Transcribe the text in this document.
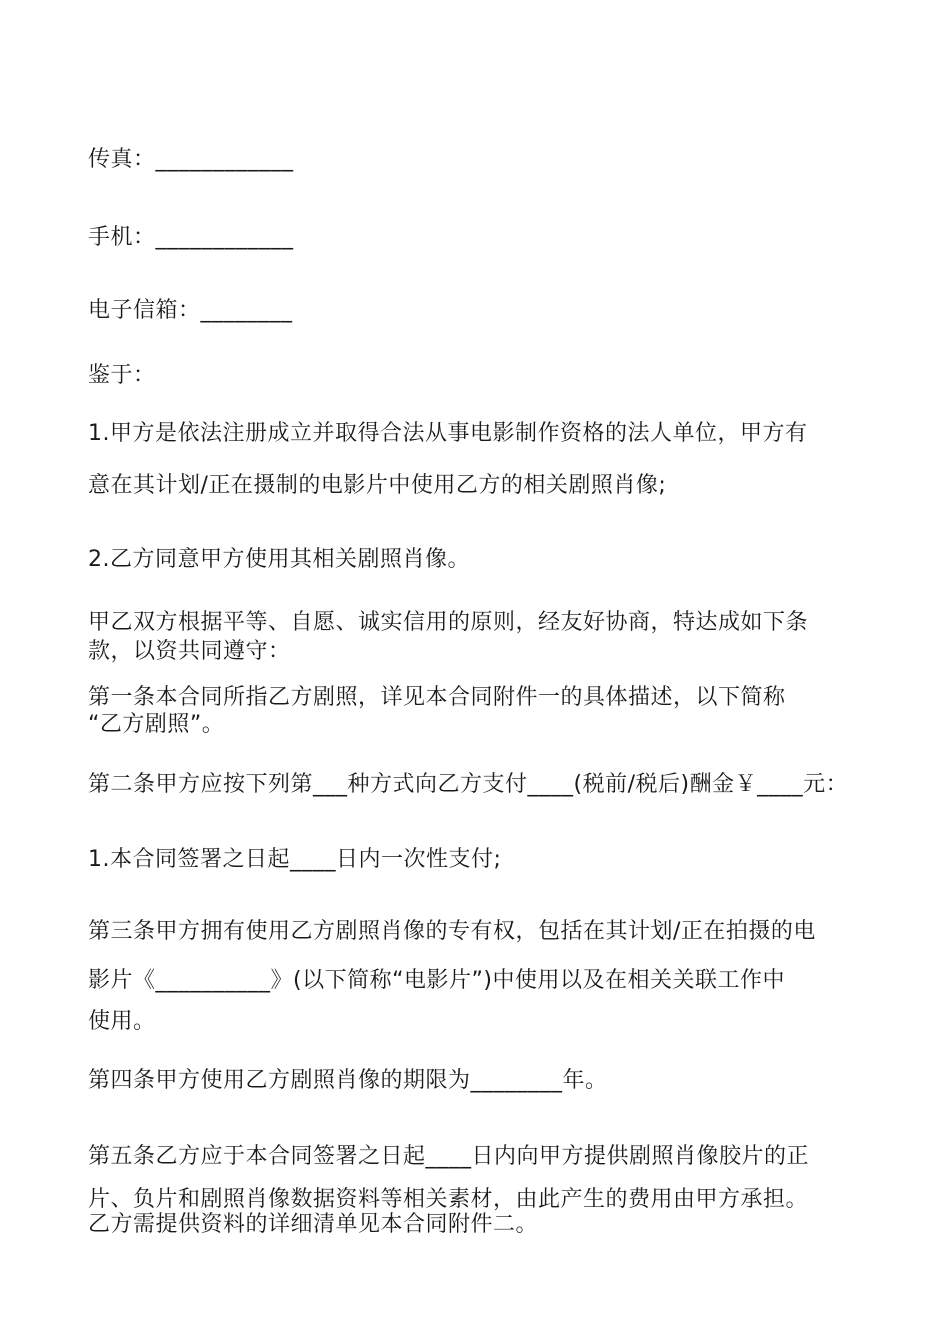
传真：____________

手机：____________

电子信箱：________

鉴于：

1.甲方是依法注册成立并取得合法从事电影制作资格的法人单位，甲方有

意在其计划/正在摄制的电影片中使用乙方的相关剧照肖像;

2.乙方同意甲方使用其相关剧照肖像。

甲乙双方根据平等、自愿、诚实信用的原则，经友好协商，特达成如下条

款，以资共同遵守：

第一条本合同所指乙方剧照，详见本合同附件一的具体描述，以下简称

“乙方剧照”。

第二条甲方应按下列第___种方式向乙方支付____(税前/税后)酬金￥____元：

1.本合同签署之日起____日内一次性支付;

第三条甲方拥有使用乙方剧照肖像的专有权，包括在其计划/正在拍摄的电

影片《__________》(以下简称“电影片”)中使用以及在相关关联工作中

使用。

第四条甲方使用乙方剧照肖像的期限为________年。

第五条乙方应于本合同签署之日起____日内向甲方提供剧照肖像胶片的正

片、负片和剧照肖像数据资料等相关素材，由此产生的费用由甲方承担。

乙方需提供资料的详细清单见本合同附件二。
